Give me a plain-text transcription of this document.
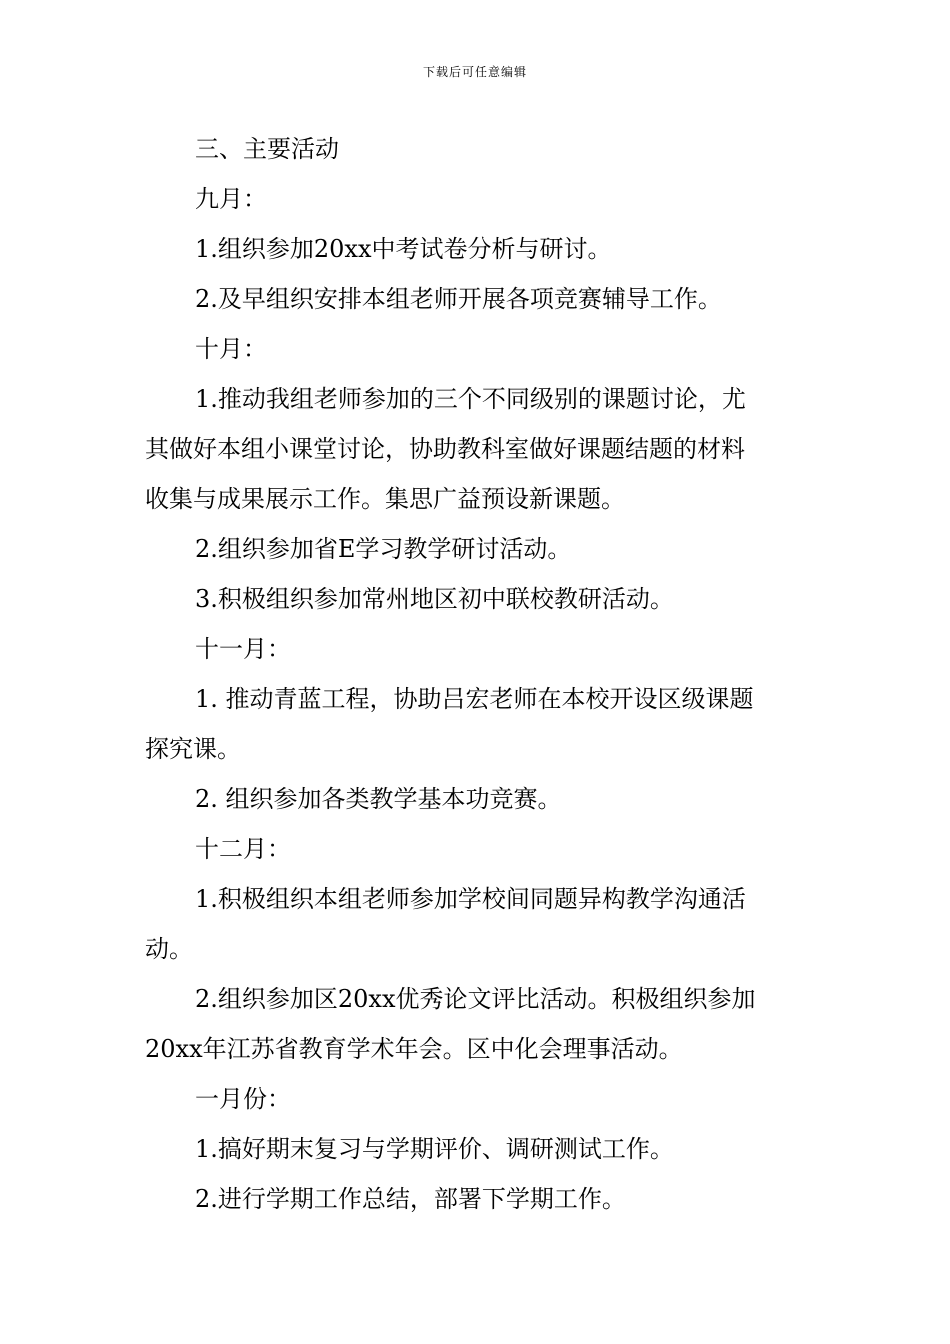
下载后可任意编辑

三、主要活动

九月：

1.组织参加20xx中考试卷分析与研讨。

2.及早组织安排本组老师开展各项竞赛辅导工作。

十月：

1.推动我组老师参加的三个不同级别的课题讨论，尤

其做好本组小课堂讨论，协助教科室做好课题结题的材料

收集与成果展示工作。集思广益预设新课题。

2.组织参加省E学习教学研讨活动。

3.积极组织参加常州地区初中联校教研活动。

十一月：

1. 推动青蓝工程，协助吕宏老师在本校开设区级课题

探究课。

2. 组织参加各类教学基本功竞赛。

十二月：

1.积极组织本组老师参加学校间同题异构教学沟通活

动。

2.组织参加区20xx优秀论文评比活动。积极组织参加

20xx年江苏省教育学术年会。区中化会理事活动。

一月份：

1.搞好期末复习与学期评价、调研测试工作。

2.进行学期工作总结，部署下学期工作。
